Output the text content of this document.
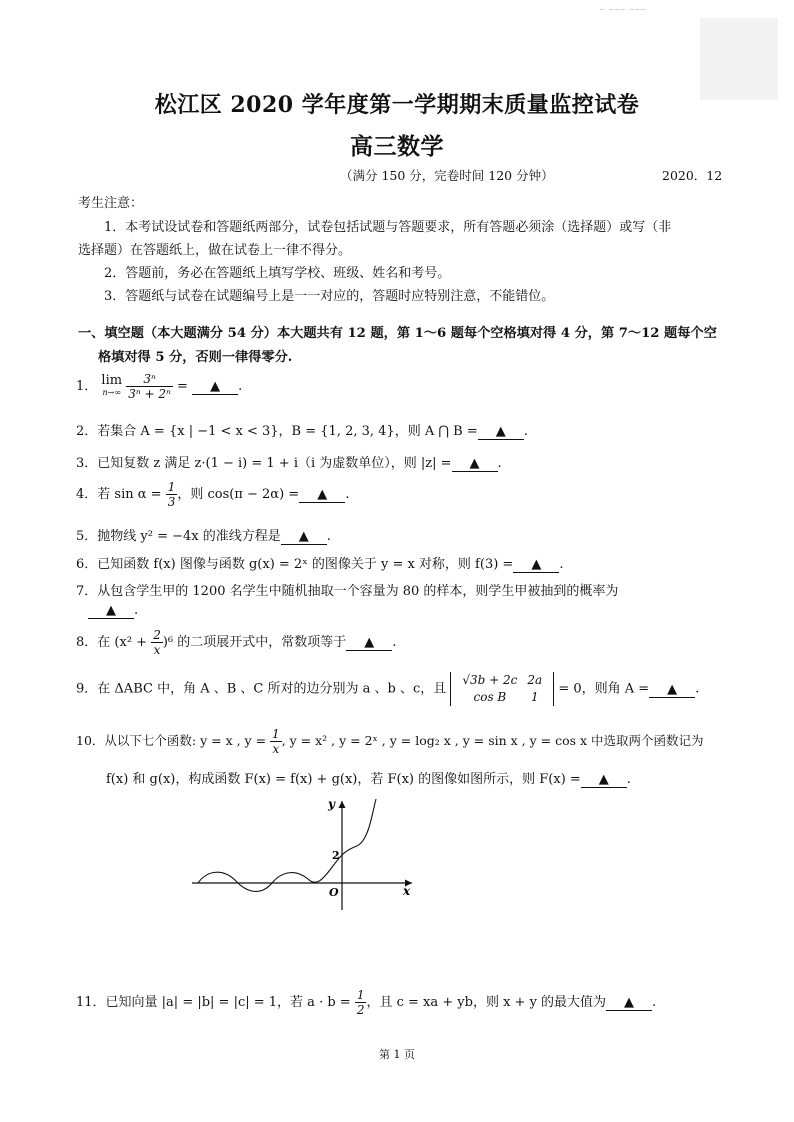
_ ___ ___
松江区 2020 学年度第一学期期末质量监控试卷
高三数学
（满分 150 分，完卷时间 120 分钟）	2020．12
考生注意：
1．本考试设试卷和答题纸两部分，试卷包括试题与答题要求，所有答题必须涂（选择题）或写（非
选择题）在答题纸上，做在试卷上一律不得分。
2．答题前，务必在答题纸上填写学校、班级、姓名和考号。
3．答题纸与试卷在试题编号上是一一对应的，答题时应特别注意，不能错位。
一、填空题（本大题满分 54 分）本大题共有 12 题，第 1～6 题每个空格填对得 4 分，第 7～12 题每个空
格填对得 5 分，否则一律得零分.
1． lim
n→∞
$\frac{\text{3ⁿ}}{\text{3ⁿ + 2ⁿ}}$ = ▲ .
2．若集合 A = {x | −1 < x < 3}，B = {1, 2, 3, 4}，则 A ⋂ B = ▲ .
3．已知复数 z 满足 z·(1 − i) = 1 + i（i 为虚数单位），则 |z| = ▲ .
4．若 $\sin \alpha = \frac{1}{3}$ ，则 cos(π − 2α) = ▲ .
5．抛物线 y² = −4x 的准线方程是 ▲ .
6．已知函数 f(x) 图像与函数 g(x) = 2ˣ 的图像关于 y = x 对称，则 f(3) = ▲ .
7．从包含学生甲的 1200 名学生中随机抽取一个容量为 80 的样本，则学生甲被抽到的概率为
▲ .
8．在 $(x^2 + \frac{2}{x} )^6$ 的二项展开式中，常数项等于 ▲ .
9．在 ΔABC 中，角 A 、B 、C 所对的边分别为 a 、b 、c，且
√3b + 2c	2a
cos B	1
= 0，则角 A = ▲ .
10．从以下七个函数: y = x , $y = \frac{1}{x}$ , y = x² , y = 2ˣ , y = log₂ x , y = sin x , y = cos x 中选取两个函数记为
f(x) 和 g(x)，构成函数 F(x) = f(x) + g(x)，若 F(x) 的图像如图所示，则 F(x) = ▲ .
x
y
O
2
11．已知向量 |a| = |b| = |c| = 1，若 $a \cdot b = \frac{1}{2}$ ，且 c = xa + yb，则 x + y 的最大值为 ▲ .
第 1 页
